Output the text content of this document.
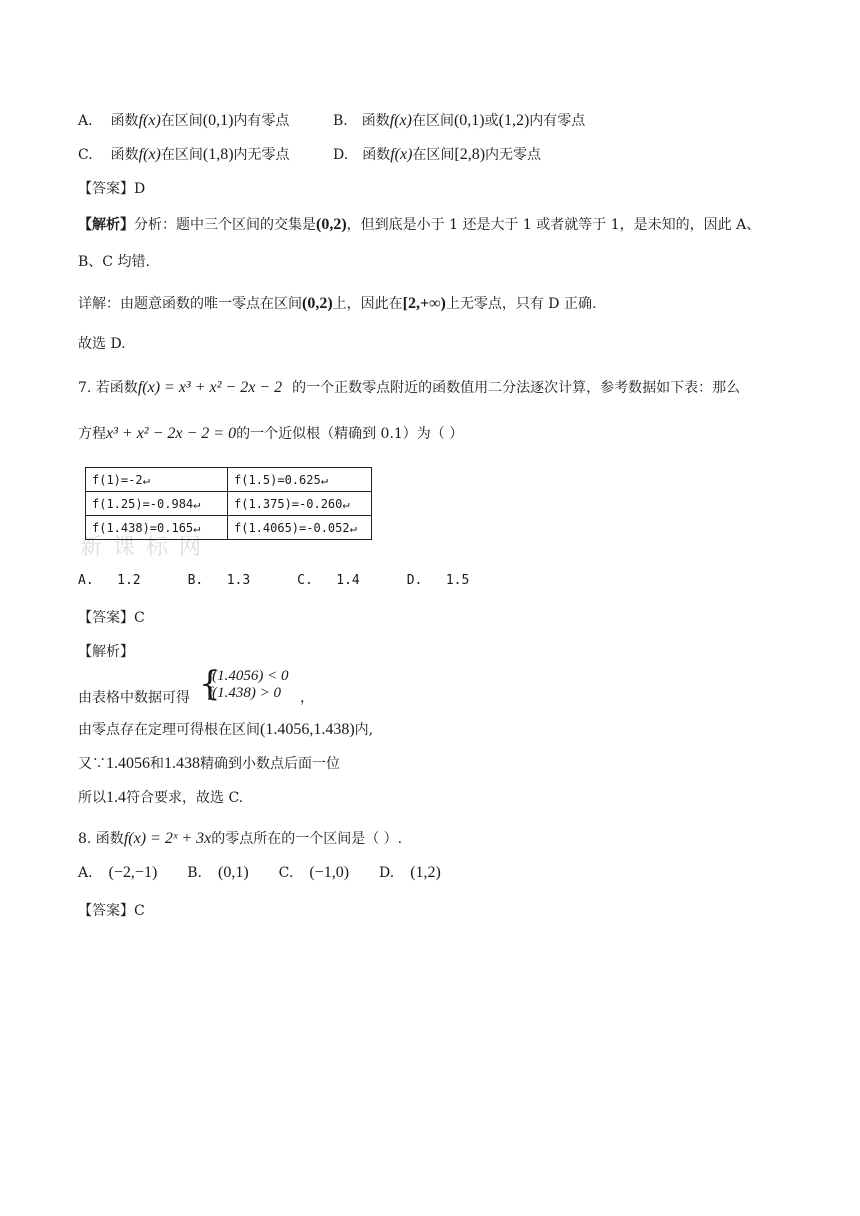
A. 函数f(x)在区间(0,1)内有零点	B. 函数f(x)在区间(0,1)或(1,2)内有零点
C. 函数f(x)在区间(1,8)内无零点	D. 函数f(x)在区间[2,8)内无零点
【答案】D
【解析】分析：题中三个区间的交集是(0,2)，但到底是小于 1 还是大于 1 或者就等于 1，是未知的，因此 A、
B、C 均错.
详解：由题意函数的唯一零点在区间(0,2)上，因此在[2,+∞)上无零点，只有 D 正确.
故选 D.
7. 若函数f(x) = x³ + x² − 2x − 2 的一个正数零点附近的函数值用二分法逐次计算，参考数据如下表：那么
方程x³ + x² − 2x − 2 = 0的一个近似根（精确到 0.1）为（ ）
新 课 标 网
f(1)=-2↵	f(1.5)=0.625↵
f(1.25)=-0.984↵	f(1.375)=-0.260↵
f(1.438)=0.165↵	f(1.4065)=-0.052↵
A.   1.2      B.   1.3      C.   1.4      D.   1.5
【答案】C
【解析】
由表格中数据可得 {
f(1.4056) < 0
f(1.438) > 0	，
由零点存在定理可得根在区间(1.4056,1.438)内,
又∵1.4056和1.438精确到小数点后面一位
所以1.4符合要求，故选 C.
8. 函数f(x) = 2ˣ + 3x的零点所在的一个区间是（ ）.
A. (−2,−1) B. (0,1) C. (−1,0) D. (1,2)
【答案】C
